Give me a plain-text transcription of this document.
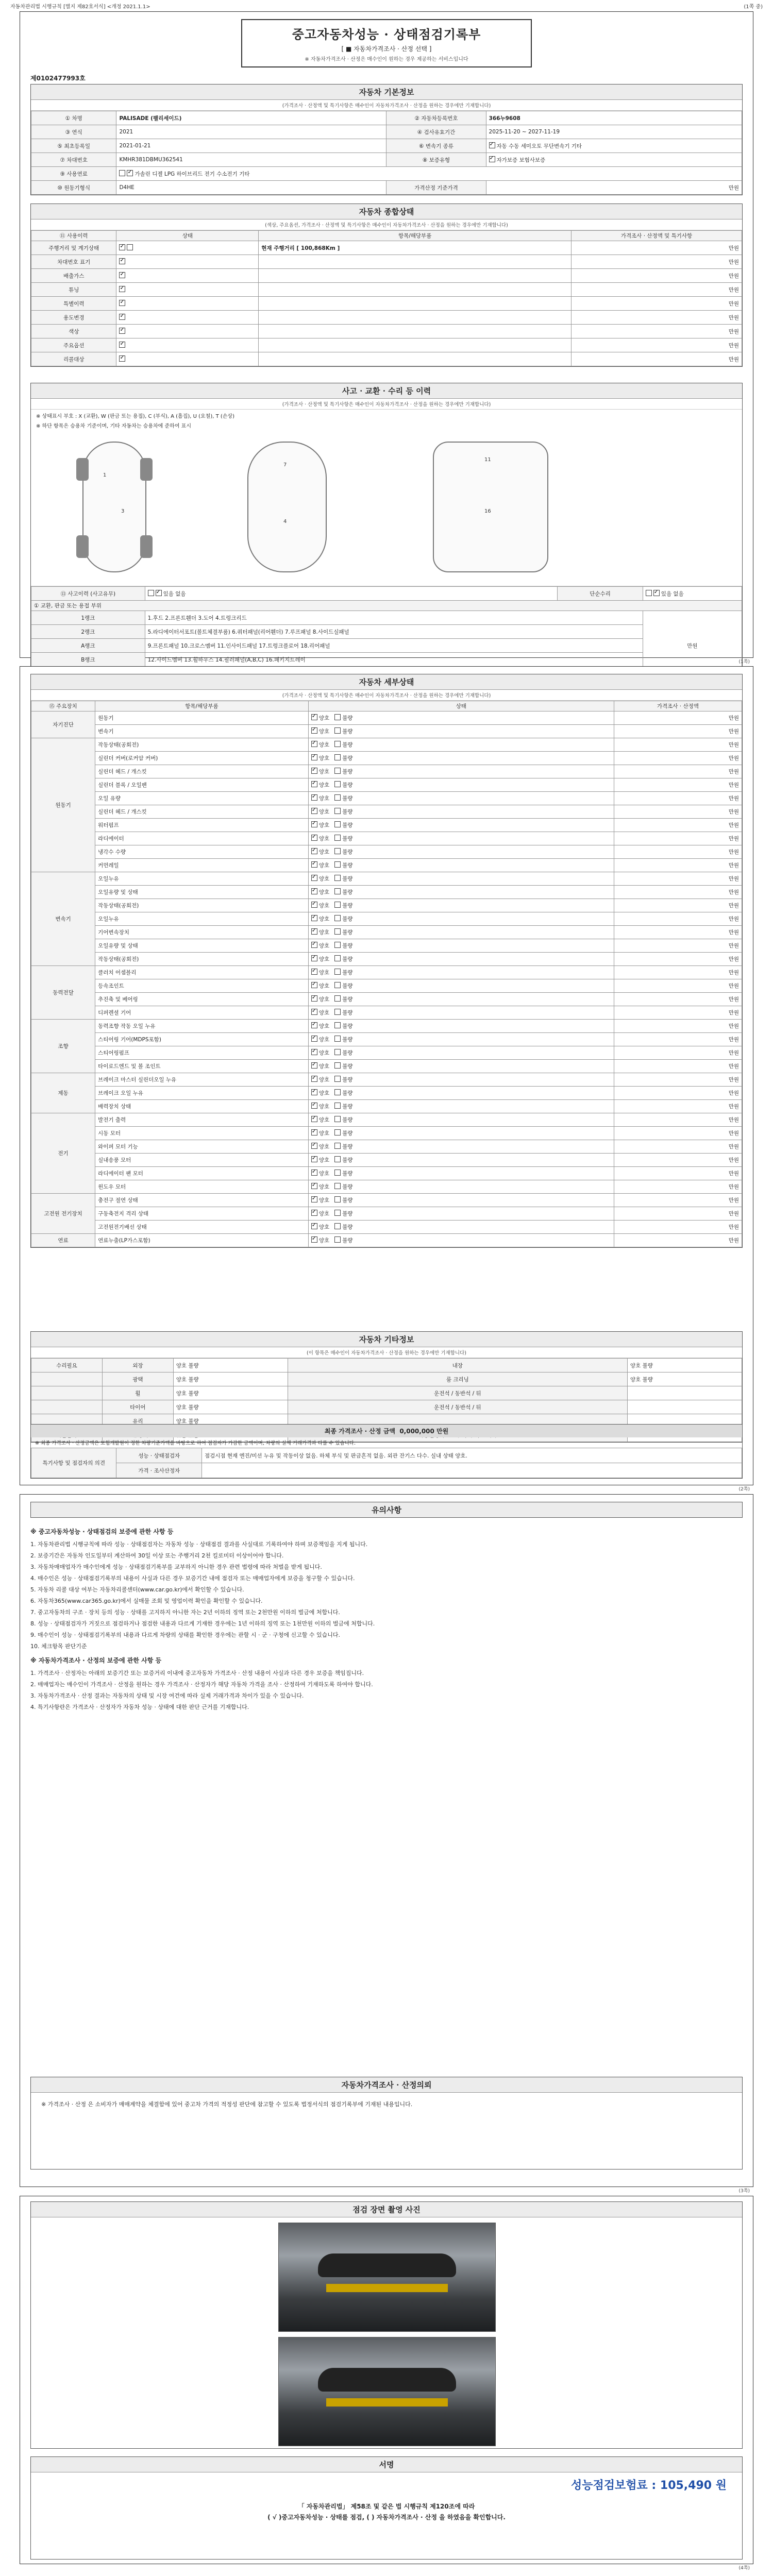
자동차관리법 시행규칙 [별지 제82호서식] <개정 2021.1.1>	(1쪽 중)
중고자동차성능 · 상태점검기록부
[ ■ 자동차가격조사 · 산정 선택 ]
※ 자동차가격조사 · 산정은 매수인이 원하는 경우 제공하는 서비스입니다
제0102477993호
자동차 기본정보
(가격조사 · 산정액 및 특기사항은 매수인이 자동차가격조사 · 산정을 원하는 경우에만 기재합니다)
① 차명	PALISADE (팰리세이드)	② 자동차등록번호	366누9608
③ 연식	2021	④ 검사유효기간	2025-11-20 ~ 2027-11-19
⑤ 최초등록일	2021-01-21	⑥ 변속기 종류	✓자동 수동 세미오토 무단변속기 기타
⑦ 차대번호	KMHR381DBMU362541	⑧ 보증유형	✓자가보증 보험사보증
⑨ 사용연료	✓가솔린 디젤 LPG 하이브리드 전기 수소전기 기타
⑩ 원동기형식	D4HE	가격산정 기준가격	만원
자동차 종합상태
(색상, 주요옵션, 가격조사 · 산정액 및 특기사항은 매수인이 자동차가격조사 · 산정을 원하는 경우에만 기재합니다)
⑪ 사용이력	상태	항목/해당부품	가격조사 · 산정액 및 특기사항
주행거리 및 계기상태	✓	현재 주행거리 [ 100,868Km ]	만원
차대번호 표기	✓		만원
배출가스	✓		만원
튜닝	✓		만원
특별이력	✓		만원
용도변경	✓		만원
색상	✓		만원
주요옵션	✓		만원
리콜대상	✓		만원
사고 · 교환 · 수리 등 이력
(가격조사 · 산정액 및 특기사항은 매수인이 자동차가격조사 · 산정을 원하는 경우에만 기재합니다)
※ 상태표시 부호 : X (교환), W (판금 또는 용접), C (부식), A (흠집), U (요철), T (손상)
※ 하단 항목은 승용차 기준이며, 기타 자동차는 승용차에 준하여 표시
1
3
7
4
11
16
⑬ 사고이력 (사고유무)	✓있음 없음	단순수리	✓있음 없음
① 교환, 판금 또는 용접 부위			
1랭크	1.후드 2.프론트휀더 3.도어 4.트렁크리드		만원
2랭크	5.라디에이터서포트(볼트체결부품) 6.쿼터패널(리어휀더) 7.루프패널 8.사이드실패널		
A랭크	9.프론트패널 10.크로스멤버 11.인사이드패널 17.트렁크플로어 18.리어패널		
B랭크	12.사이드멤버 13.휠하우스 14.필러패널(A,B,C) 16.패키지트레이		
		(1쪽)
자동차 세부상태
(가격조사 · 산정액 및 특기사항은 매수인이 자동차가격조사 · 산정을 원하는 경우에만 기재합니다)
⑮ 주요장치	항목/해당부품	상태	가격조사 · 산정액
자기진단	원동기	✓양호 불량	만원
	변속기	✓양호 불량	만원
원동기	작동상태(공회전)	✓양호 불량	만원
	실린더 커버(로커암 커버)	✓양호 불량	만원
	실린더 헤드 / 개스킷	✓양호 불량	만원
	실린더 블록 / 오일팬	✓양호 불량	만원
	오일 유량	✓양호 불량	만원
	실린더 헤드 / 개스킷	✓양호 불량	만원
	워터펌프	✓양호 불량	만원
	라디에이터	✓양호 불량	만원
	냉각수 수량	✓양호 불량	만원
	커먼레일	✓양호 불량	만원
변속기	오일누유	✓양호 불량	만원
	오일유량 및 상태	✓양호 불량	만원
	작동상태(공회전)	✓양호 불량	만원
	오일누유	✓양호 불량	만원
	기어변속장치	✓양호 불량	만원
	오일유량 및 상태	✓양호 불량	만원
	작동상태(공회전)	✓양호 불량	만원
동력전달	클러치 어셈블리	✓양호 불량	만원
	등속조인트	✓양호 불량	만원
	추진축 및 베어링	✓양호 불량	만원
	디퍼렌셜 기어	✓양호 불량	만원
조향	동력조향 작동 오일 누유	✓양호 불량	만원
	스티어링 기어(MDPS포함)	✓양호 불량	만원
	스티어링펌프	✓양호 불량	만원
	타이로드엔드 및 볼 조인트	✓양호 불량	만원
제동	브레이크 마스터 실린더오일 누유	✓양호 불량	만원
	브레이크 오일 누유	✓양호 불량	만원
	배력장치 상태	✓양호 불량	만원
전기	발전기 출력	✓양호 불량	만원
	시동 모터	✓양호 불량	만원
	와이퍼 모터 기능	✓양호 불량	만원
	실내송풍 모터	✓양호 불량	만원
	라디에이터 팬 모터	✓양호 불량	만원
	윈도우 모터	✓양호 불량	만원
고전원 전기장치	충전구 절연 상태	✓양호 불량	만원
	구동축전지 격리 상태	✓양호 불량	만원
	고전원전기배선 상태	✓양호 불량	만원
연료	연료누출(LP가스포함)	✓양호 불량	만원
자동차 기타정보
(이 항목은 매수인이 자동차가격조사 · 산정을 원하는 경우에만 기재합니다)
수리필요	외장	양호 불량	내장	양호 불량
	광택	양호 불량	룸 크리닝	양호 불량
	휠	양호 불량	운전석 / 동반석 / 뒤	
	타이어	양호 불량	운전석 / 동반석 / 뒤	
	유리	양호 불량		

최종 가격조사 · 산정 금액 0,000,000 만원
※ 최종 가격조사 · 산정금액은 보험개발원이 정한 차량기준가액을 바탕으로 하여 점검자가 가감한 금액이며, 차량의 실제 거래가격과 다를 수 있습니다.
특기사항 및 점검자의 의견	성능 · 상태점검자	점검시점 현재 엔진/미션 누유 및 작동이상 없음. 하체 부식 및 판금흔적 없음. 외관 잔기스 다수. 실내 상태 양호.
	가격 · 조사산정자	
(2쪽)
유의사항
※ 중고자동차성능 · 상태점검의 보증에 관한 사항 등

1. 자동차관리법 시행규칙에 따라 성능 · 상태점검자는 자동차 성능 · 상태점검 결과를 사실대로 기록하여야 하며 보증책임을 지게 됩니다.

2. 보증기간은 자동차 인도일부터 계산하여 30일 이상 또는 주행거리 2천 킬로미터 이상이어야 합니다.

3. 자동차매매업자가 매수인에게 성능 · 상태점검기록부를 교부하지 아니한 경우 관련 법령에 따라 처벌을 받게 됩니다.

4. 매수인은 성능 · 상태점검기록부의 내용이 사실과 다른 경우 보증기간 내에 점검자 또는 매매업자에게 보증을 청구할 수 있습니다.

5. 자동차 리콜 대상 여부는 자동차리콜센터(www.car.go.kr)에서 확인할 수 있습니다.

6. 자동차365(www.car365.go.kr)에서 실매물 조회 및 영업이력 확인을 확인할 수 있습니다.

7. 중고자동차의 구조 · 장치 등의 성능 · 상태를 고지하지 아니한 자는 2년 이하의 징역 또는 2천만원 이하의 벌금에 처합니다.

8. 성능 · 상태점검자가 거짓으로 점검하거나 점검한 내용과 다르게 기재한 경우에는 1년 이하의 징역 또는 1천만원 이하의 벌금에 처합니다.

9. 매수인이 성능 · 상태점검기록부의 내용과 다르게 차량의 상태를 확인한 경우에는 관할 시 · 군 · 구청에 신고할 수 있습니다.

10. 체크항목 판단기준

※ 자동차가격조사 · 산정의 보증에 관한 사항 등

1. 가격조사 · 산정자는 아래의 보증기간 또는 보증거리 이내에 중고자동차 가격조사 · 산정 내용이 사실과 다른 경우 보증을 책임집니다.

2. 매매업자는 매수인이 가격조사 · 산정을 원하는 경우 가격조사 · 산정자가 해당 자동차 가격을 조사 · 산정하여 기재하도록 하여야 합니다.

3. 자동차가격조사 · 산정 결과는 자동차의 상태 및 시장 여건에 따라 실제 거래가격과 차이가 있을 수 있습니다.

4. 특기사항란은 가격조사 · 산정자가 자동차 성능 · 상태에 대한 판단 근거를 기재합니다.

자동차가격조사 · 산정의뢰
※ 가격조사 · 산정 은 소비자가 매매계약을 체결함에 있어 중고차 가격의 적정성 판단에 참고할 수 있도록 법정서식의 점검기록부에 기재된 내용입니다.
(3쪽)
점검 장면 촬영 사진
서명
성능점검보험료 : 105,490 원
「 자동차관리법」 제58조 및 같은 법 시행규칙 제120조에 따라
( √ )중고자동차성능 · 상태를 점검, ( ) 자동차가격조사 · 산정 을 하였음을 확인합니다.
(4쪽)
